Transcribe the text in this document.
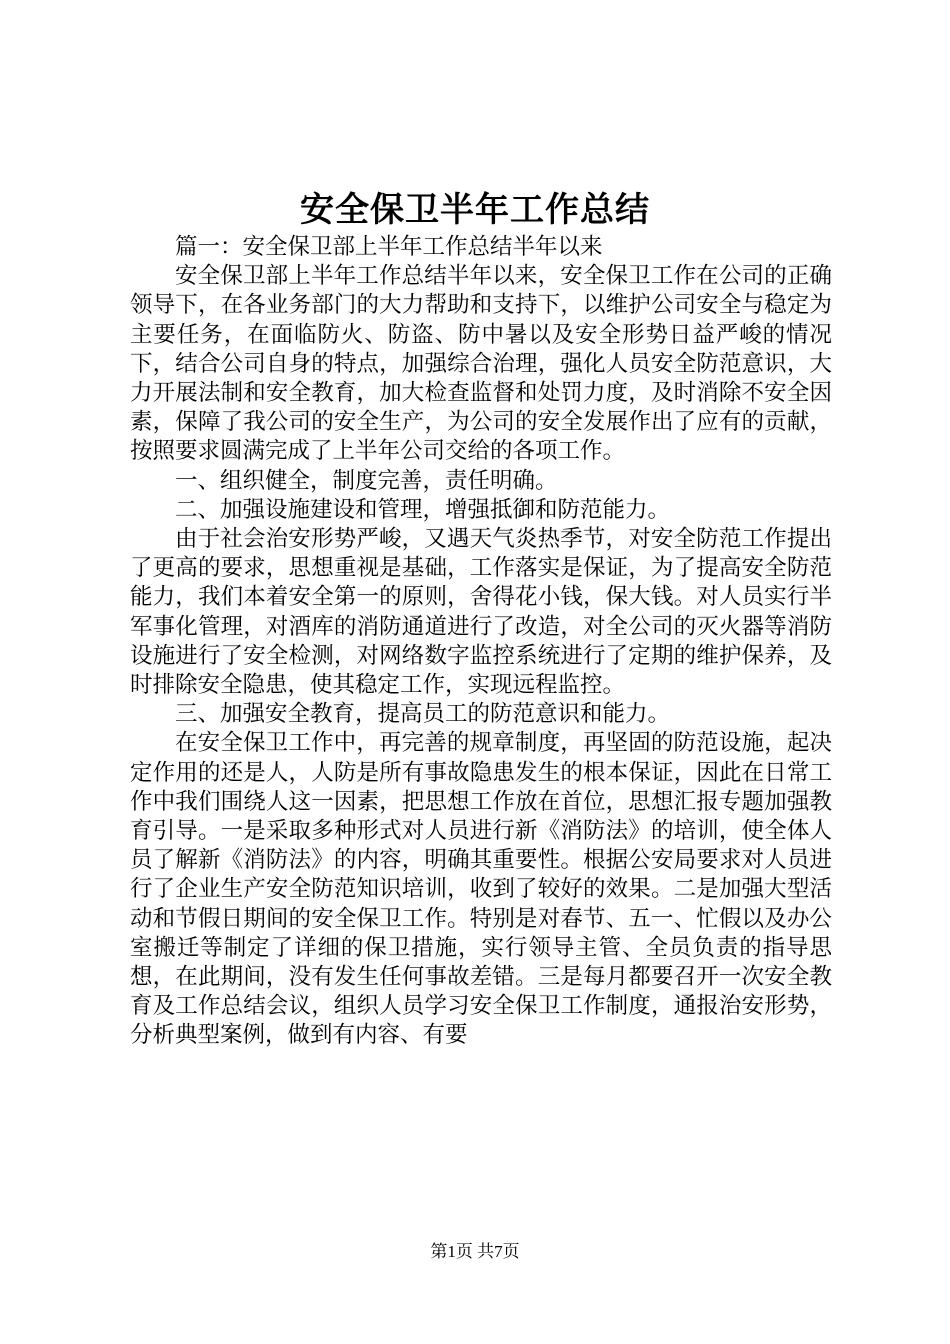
安全保卫半年工作总结

篇一：安全保卫部上半年工作总结半年以来

安全保卫部上半年工作总结半年以来，安全保卫工作在公司的正确领导下，在各业务部门的大力帮助和支持下，以维护公司安全与稳定为主要任务，在面临防火、防盗、防中暑以及安全形势日益严峻的情况下，结合公司自身的特点，加强综合治理，强化人员安全防范意识，大力开展法制和安全教育，加大检查监督和处罚力度，及时消除不安全因素，保障了我公司的安全生产，为公司的安全发展作出了应有的贡献，按照要求圆满完成了上半年公司交给的各项工作。

一、组织健全，制度完善，责任明确。

二、加强设施建设和管理，增强抵御和防范能力。

由于社会治安形势严峻，又遇天气炎热季节，对安全防范工作提出了更高的要求，思想重视是基础，工作落实是保证，为了提高安全防范能力，我们本着安全第一的原则，舍得花小钱，保大钱。对人员实行半军事化管理，对酒库的消防通道进行了改造，对全公司的灭火器等消防设施进行了安全检测，对网络数字监控系统进行了定期的维护保养，及时排除安全隐患，使其稳定工作，实现远程监控。

三、加强安全教育，提高员工的防范意识和能力。

在安全保卫工作中，再完善的规章制度，再坚固的防范设施，起决定作用的还是人，人防是所有事故隐患发生的根本保证，因此在日常工作中我们围绕人这一因素，把思想工作放在首位，思想汇报专题加强教育引导。一是采取多种形式对人员进行新《消防法》的培训，使全体人员了解新《消防法》的内容，明确其重要性。根据公安局要求对人员进行了企业生产安全防范知识培训，收到了较好的效果。二是加强大型活动和节假日期间的安全保卫工作。特别是对春节、五一、忙假以及办公室搬迁等制定了详细的保卫措施，实行领导主管、全员负责的指导思想，在此期间，没有发生任何事故差错。三是每月都要召开一次安全教育及工作总结会议，组织人员学习安全保卫工作制度，通报治安形势，分析典型案例，做到有内容、有要

第1页 共7页
